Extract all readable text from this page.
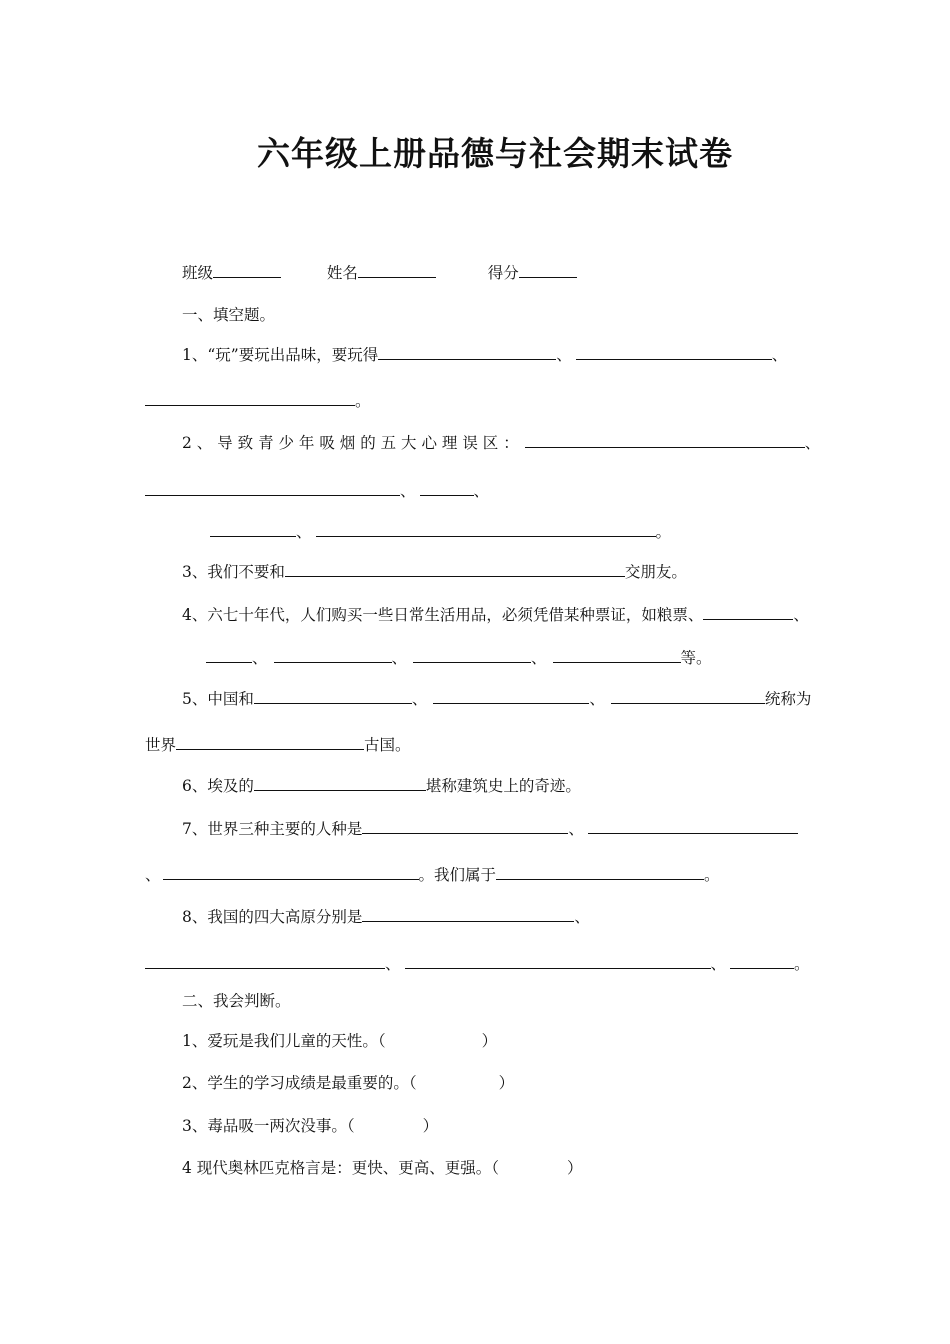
六年级上册品德与社会期末试卷
班级	姓名	得分
一、填空题。
1、“玩”要玩出品味，要玩得	、	、
。
2 、 导 致 青 少 年 吸 烟 的 五 大 心 理 误 区 ：	、
、	、
、	。
3、我们不要和	交朋友。
4、六七十年代，人们购买一些日常生活用品，必须凭借某种票证，如粮票、	、
、	、	、	等。
5、中国和	、	、	统称为
世界	古国。
6、埃及的	堪称建筑史上的奇迹。
7、世界三种主要的人种是	、
、	。我们属于	。
8、我国的四大高原分别是	、
、	、	。
二、我会判断。
1、爱玩是我们儿童的天性。（	）
2、学生的学习成绩是最重要的。（	）
3、毒品吸一两次没事。（	）
4 现代奥林匹克格言是：更快、更高、更强。（	）
